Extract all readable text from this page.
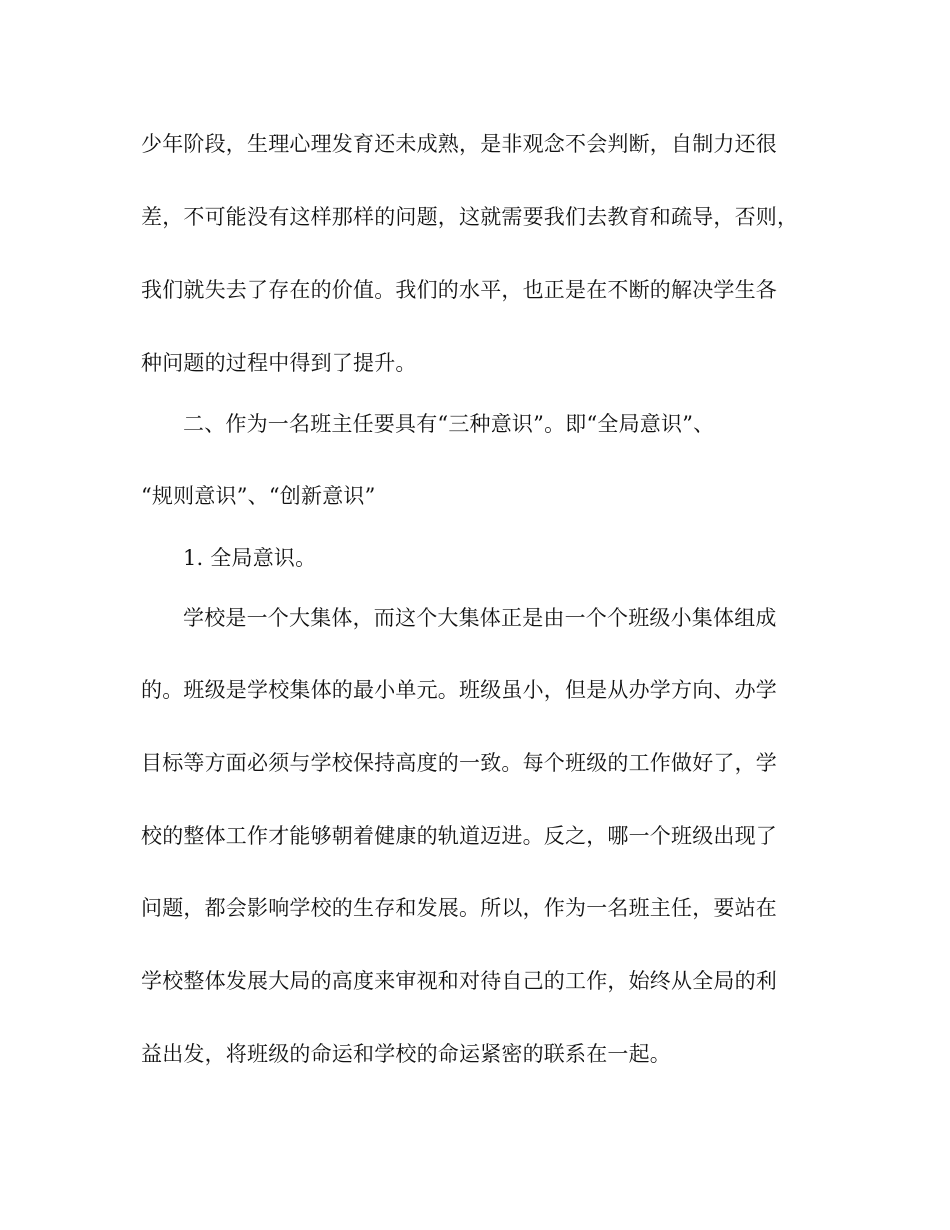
少年阶段，生理心理发育还未成熟，是非观念不会判断，自制力还很
差，不可能没有这样那样的问题，这就需要我们去教育和疏导，否则，
我们就失去了存在的价值。我们的水平，也正是在不断的解决学生各
种问题的过程中得到了提升。
二、作为一名班主任要具有“三种意识”。即“全局意识”、
“规则意识”、“创新意识”
1. 全局意识。
学校是一个大集体，而这个大集体正是由一个个班级小集体组成
的。班级是学校集体的最小单元。班级虽小，但是从办学方向、办学
目标等方面必须与学校保持高度的一致。每个班级的工作做好了，学
校的整体工作才能够朝着健康的轨道迈进。反之，哪一个班级出现了
问题，都会影响学校的生存和发展。所以，作为一名班主任，要站在
学校整体发展大局的高度来审视和对待自己的工作，始终从全局的利
益出发，将班级的命运和学校的命运紧密的联系在一起。
